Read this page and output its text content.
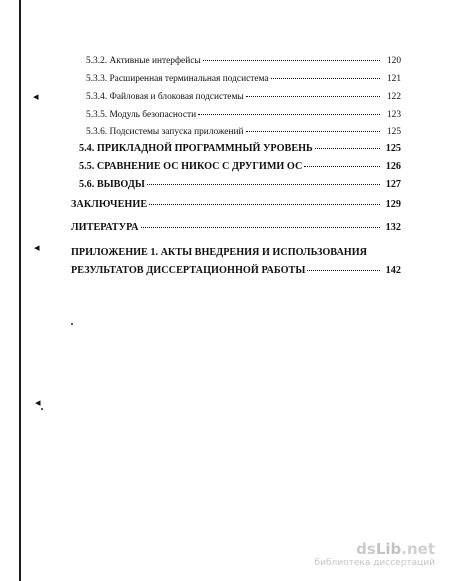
5.3.2. Активные интерфейсы	120
5.3.3. Расширенная терминальная подсистема	121
5.3.4. Файловая и блоковая подсистемы	122
5.3.5. Модуль безопасности	123
5.3.6. Подсистемы запуска приложений	125
5.4. ПРИКЛАДНОЙ ПРОГРАММНЫЙ УРОВЕНЬ	125
5.5. СРАВНЕНИЕ ОС НИКОС С ДРУГИМИ ОС	126
5.6. ВЫВОДЫ	127
ЗАКЛЮЧЕНИЕ	129
ЛИТЕРАТУРА	132
ПРИЛОЖЕНИЕ 1. АКТЫ ВНЕДРЕНИЯ И ИСПОЛЬЗОВАНИЯ
РЕЗУЛЬТАТОВ ДИССЕРТАЦИОННОЙ РАБОТЫ	142
◂
◂
◂
dsLib.net
библиотека диссертаций
